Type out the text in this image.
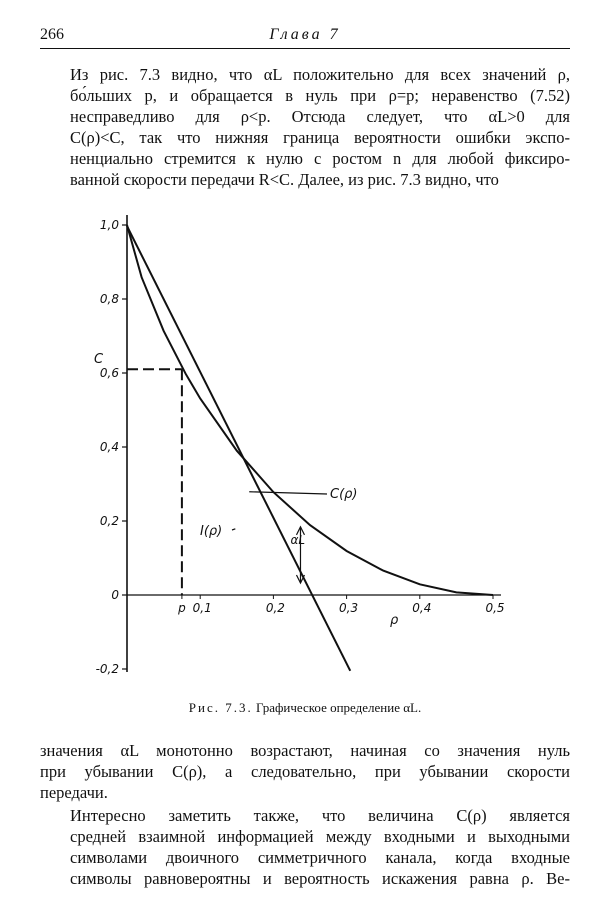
266	Глава 7

Из рис. 7.3 видно, что αL положительно для всех значений ρ,
бо́льших p, и обращается в нуль при ρ=p; неравенство (7.52)
несправедливо для ρ<p. Отсюда следует, что αL>0 для
C(ρ)<C, так что нижняя граница вероятности ошибки экспо-
ненциально стремится к нулю с ростом n для любой фиксиро-
ванной скорости передачи R<C. Далее, из рис. 7.3 видно, что

1,0
0,8
0,6
0,4
0,2
0
-0,2
p 0,1	0,2	0,3	0,4	0,5
C
ρ
C(ρ)
I(ρ)
αL
Рис. 7.3. Графическое определение αL.

значения αL монотонно возрастают, начиная со значения нуль
при убывании C(ρ), а следовательно, при убывании скорости
передачи.

Интересно заметить также, что величина C(ρ) является
средней взаимной информацией между входными и выходными
символами двоичного симметричного канала, когда входные
символы равновероятны и вероятность искажения равна ρ. Ве-
